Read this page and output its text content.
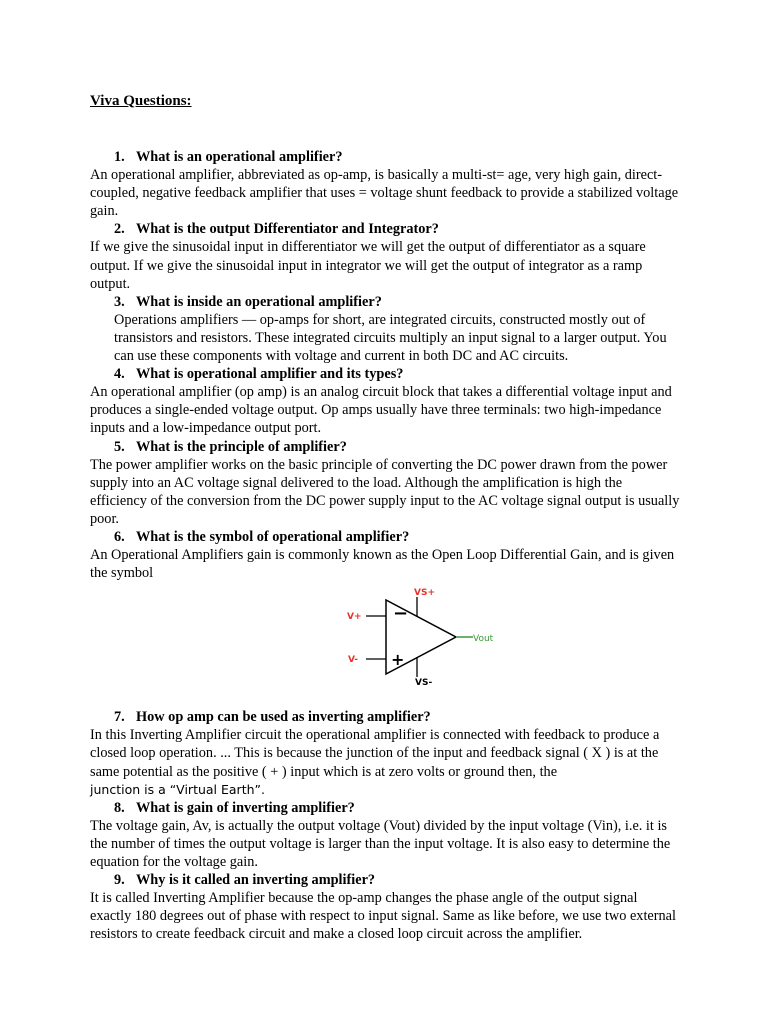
Viva Questions:
1. What is an operational amplifier?

An operational amplifier, abbreviated as op-amp, is basically a multi-st= age, very high gain, direct-coupled, negative feedback amplifier that uses = voltage shunt feedback to provide a stabilized voltage gain.

2. What is the output Differentiator and Integrator?

If we give the sinusoidal input in differentiator we will get the output of differentiator as a square output. If we give the sinusoidal input in integrator we will get the output of integrator as a ramp output.

3. What is inside an operational amplifier?

Operations amplifiers — op-amps for short, are integrated circuits, constructed mostly out of transistors and resistors. These integrated circuits multiply an input signal to a larger output. You can use these components with voltage and current in both DC and AC circuits.

4. What is operational amplifier and its types?

An operational amplifier (op amp) is an analog circuit block that takes a differential voltage input and produces a single-ended voltage output. Op amps usually have three terminals: two high-impedance inputs and a low-impedance output port.

5. What is the principle of amplifier?

The power amplifier works on the basic principle of converting the DC power drawn from the power supply into an AC voltage signal delivered to the load. Although the amplification is high the efficiency of the conversion from the DC power supply input to the AC voltage signal output is usually poor.

6. What is the symbol of operational amplifier?

An Operational Amplifiers gain is commonly known as the Open Loop Differential Gain, and is given the symbol

−
+
VS+
VS-
V+
V-
Vout
7. How op amp can be used as inverting amplifier?

In this Inverting Amplifier circuit the operational amplifier is connected with feedback to produce a closed loop operation. ... This is because the junction of the input and feedback signal ( X ) is at the same potential as the positive ( + ) input which is at zero volts or ground then, the

junction is a “Virtual Earth”.

8. What is gain of inverting amplifier?

The voltage gain, Av, is actually the output voltage (Vout) divided by the input voltage (Vin), i.e. it is the number of times the output voltage is larger than the input voltage. It is also easy to determine the equation for the voltage gain.

9. Why is it called an inverting amplifier?

It is called Inverting Amplifier because the op-amp changes the phase angle of the output signal exactly 180 degrees out of phase with respect to input signal. Same as like before, we use two external resistors to create feedback circuit and make a closed loop circuit across the amplifier.
